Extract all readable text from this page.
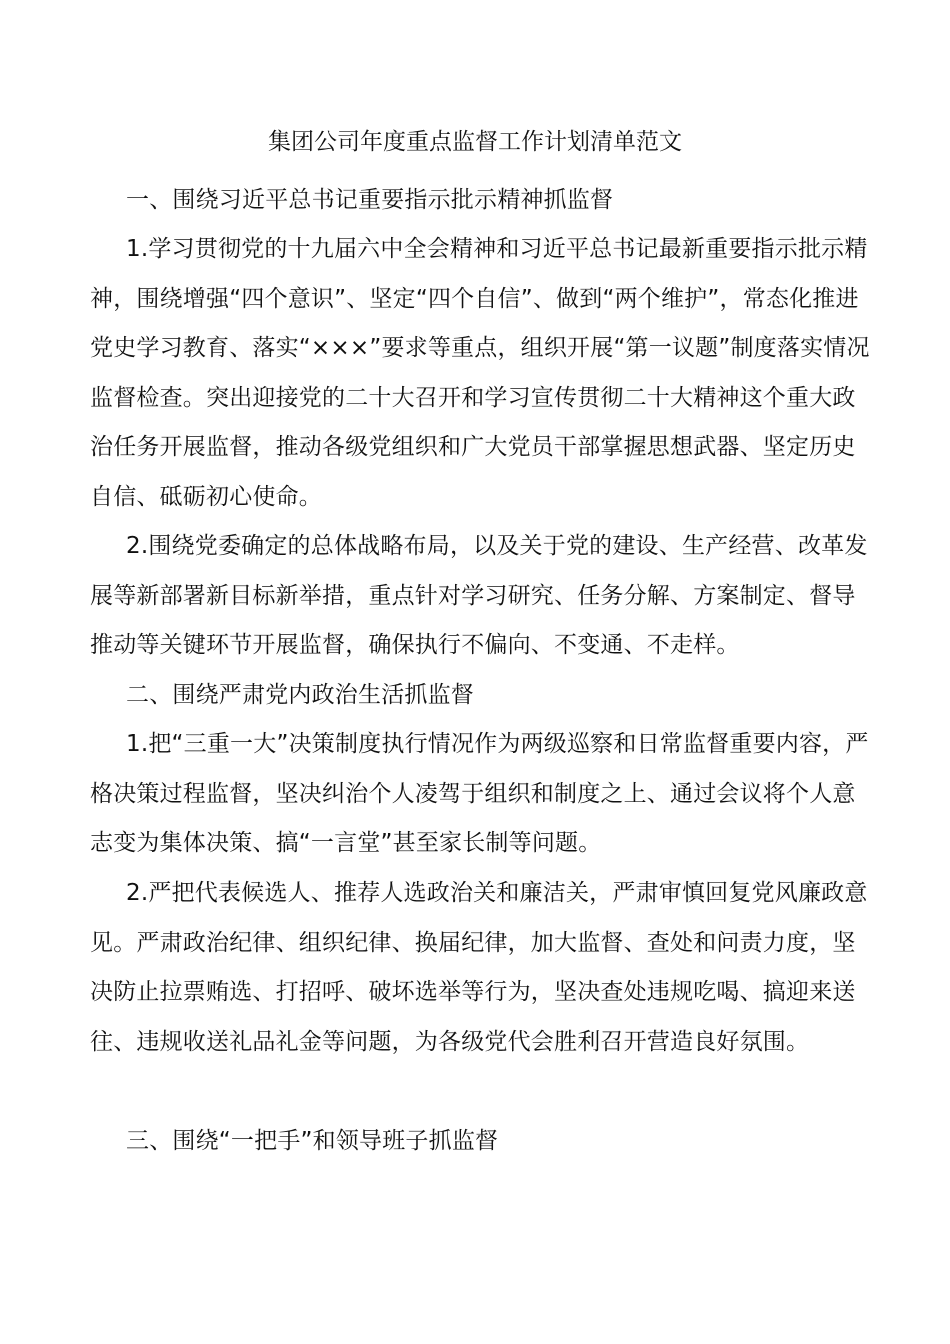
集团公司年度重点监督工作计划清单范文

一、围绕习近平总书记重要指示批示精神抓监督

1.学习贯彻党的十九届六中全会精神和习近平总书记最新重要指示批示精神，围绕增强“四个意识”、坚定“四个自信”、做到“两个维护”，常态化推进党史学习教育、落实“×××”要求等重点，组织开展“第一议题”制度落实情况监督检查。突出迎接党的二十大召开和学习宣传贯彻二十大精神这个重大政治任务开展监督，推动各级党组织和广大党员干部掌握思想武器、坚定历史自信、砥砺初心使命。

2.围绕党委确定的总体战略布局，以及关于党的建设、生产经营、改革发展等新部署新目标新举措，重点针对学习研究、任务分解、方案制定、督导推动等关键环节开展监督，确保执行不偏向、不变通、不走样。

二、围绕严肃党内政治生活抓监督

1.把“三重一大”决策制度执行情况作为两级巡察和日常监督重要内容，严格决策过程监督，坚决纠治个人凌驾于组织和制度之上、通过会议将个人意志变为集体决策、搞“一言堂”甚至家长制等问题。

2.严把代表候选人、推荐人选政治关和廉洁关，严肃审慎回复党风廉政意见。严肃政治纪律、组织纪律、换届纪律，加大监督、查处和问责力度，坚决防止拉票贿选、打招呼、破坏选举等行为，坚决查处违规吃喝、搞迎来送往、违规收送礼品礼金等问题，为各级党代会胜利召开营造良好氛围。

三、围绕“一把手”和领导班子抓监督
